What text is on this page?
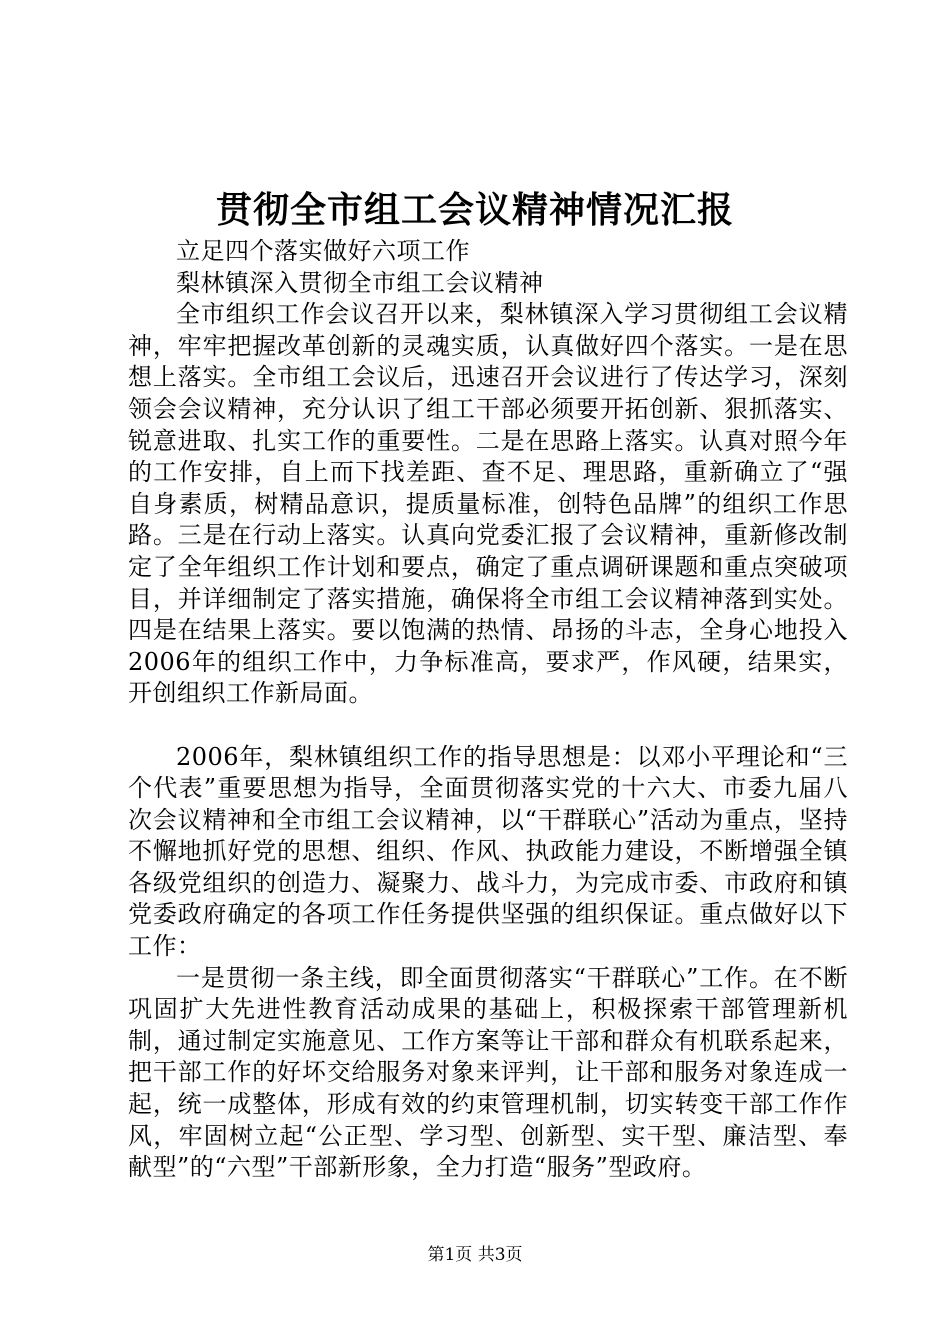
贯彻全市组工会议精神情况汇报

立足四个落实做好六项工作

梨林镇深入贯彻全市组工会议精神

全市组织工作会议召开以来，梨林镇深入学习贯彻组工会议精神，牢牢把握改革创新的灵魂实质，认真做好四个落实。一是在思想上落实。全市组工会议后，迅速召开会议进行了传达学习，深刻领会会议精神，充分认识了组工干部必须要开拓创新、狠抓落实、锐意进取、扎实工作的重要性。二是在思路上落实。认真对照今年的工作安排，自上而下找差距、查不足、理思路，重新确立了“强自身素质，树精品意识，提质量标准，创特色品牌”的组织工作思路。三是在行动上落实。认真向党委汇报了会议精神，重新修改制定了全年组织工作计划和要点，确定了重点调研课题和重点突破项目，并详细制定了落实措施，确保将全市组工会议精神落到实处。四是在结果上落实。要以饱满的热情、昂扬的斗志，全身心地投入2006年的组织工作中，力争标准高，要求严，作风硬，结果实，开创组织工作新局面。

2006年，梨林镇组织工作的指导思想是：以邓小平理论和“三个代表”重要思想为指导，全面贯彻落实党的十六大、市委九届八次会议精神和全市组工会议精神，以“干群联心”活动为重点，坚持不懈地抓好党的思想、组织、作风、执政能力建设，不断增强全镇各级党组织的创造力、凝聚力、战斗力，为完成市委、市政府和镇党委政府确定的各项工作任务提供坚强的组织保证。重点做好以下工作：

一是贯彻一条主线，即全面贯彻落实“干群联心”工作。在不断巩固扩大先进性教育活动成果的基础上，积极探索干部管理新机制，通过制定实施意见、工作方案等让干部和群众有机联系起来，把干部工作的好坏交给服务对象来评判，让干部和服务对象连成一起，统一成整体，形成有效的约束管理机制，切实转变干部工作作风，牢固树立起“公正型、学习型、创新型、实干型、廉洁型、奉献型”的“六型”干部新形象，全力打造“服务”型政府。

第1页 共3页
